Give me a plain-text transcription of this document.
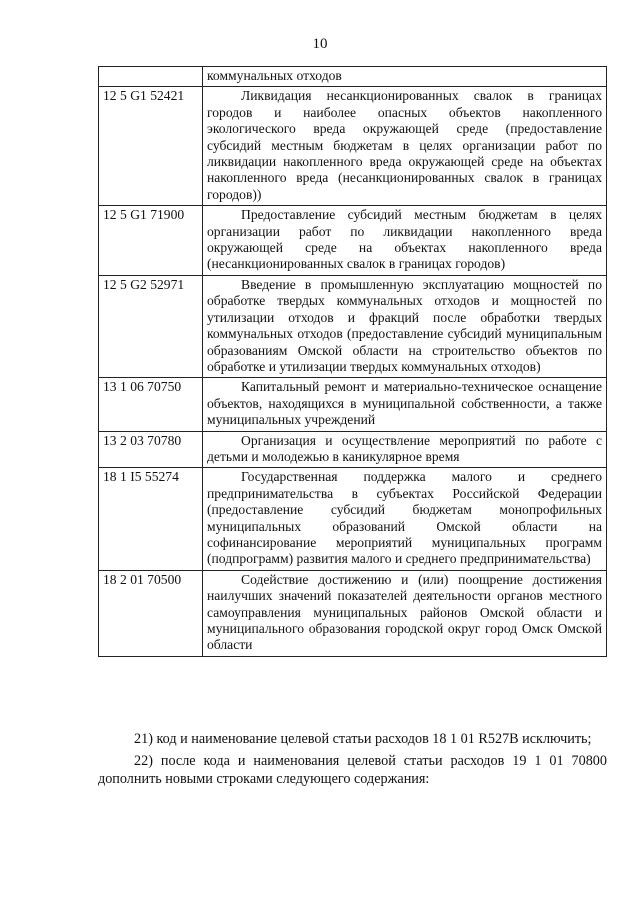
10
	коммунальных отходов
12 5 G1 52421	Ликвидация несанкционированных свалок в границах городов и наиболее опасных объектов накопленного экологического вреда окружающей среде (предоставление субсидий местным бюджетам в целях организации работ по ликвидации накопленного вреда окружающей среде на объектах накопленного вреда (несанкционированных свалок в границах городов))
12 5 G1 71900	Предоставление субсидий местным бюджетам в целях организации работ по ликвидации накопленного вреда окружающей среде на объектах накопленного вреда (несанкционированных свалок в границах городов)
12 5 G2 52971	Введение в промышленную эксплуатацию мощностей по обработке твердых коммунальных отходов и мощностей по утилизации отходов и фракций после обработки твердых коммунальных отходов (предоставление субсидий муниципальным образованиям Омской области на строительство объектов по обработке и утилизации твердых коммунальных отходов)
13 1 06 70750	Капитальный ремонт и материально-техническое оснащение объектов, находящихся в муниципальной собственности, а также муниципальных учреждений
13 2 03 70780	Организация и осуществление мероприятий по работе с детьми и молодежью в каникулярное время
18 1 I5 55274	Государственная поддержка малого и среднего предпринимательства в субъектах Российской Федерации (предоставление субсидий бюджетам монопрофильных муниципальных образований Омской области на софинансирование мероприятий муниципальных программ (подпрограмм) развития малого и среднего предпринимательства)
18 2 01 70500	Содействие достижению и (или) поощрение достижения наилучших значений показателей деятельности органов местного самоуправления муниципальных районов Омской области и муниципального образования городской округ город Омск Омской области

21) код и наименование целевой статьи расходов 18 1 01 R527В исключить;

22) после кода и наименования целевой статьи расходов 19 1 01 70800 дополнить новыми строками следующего содержания:
